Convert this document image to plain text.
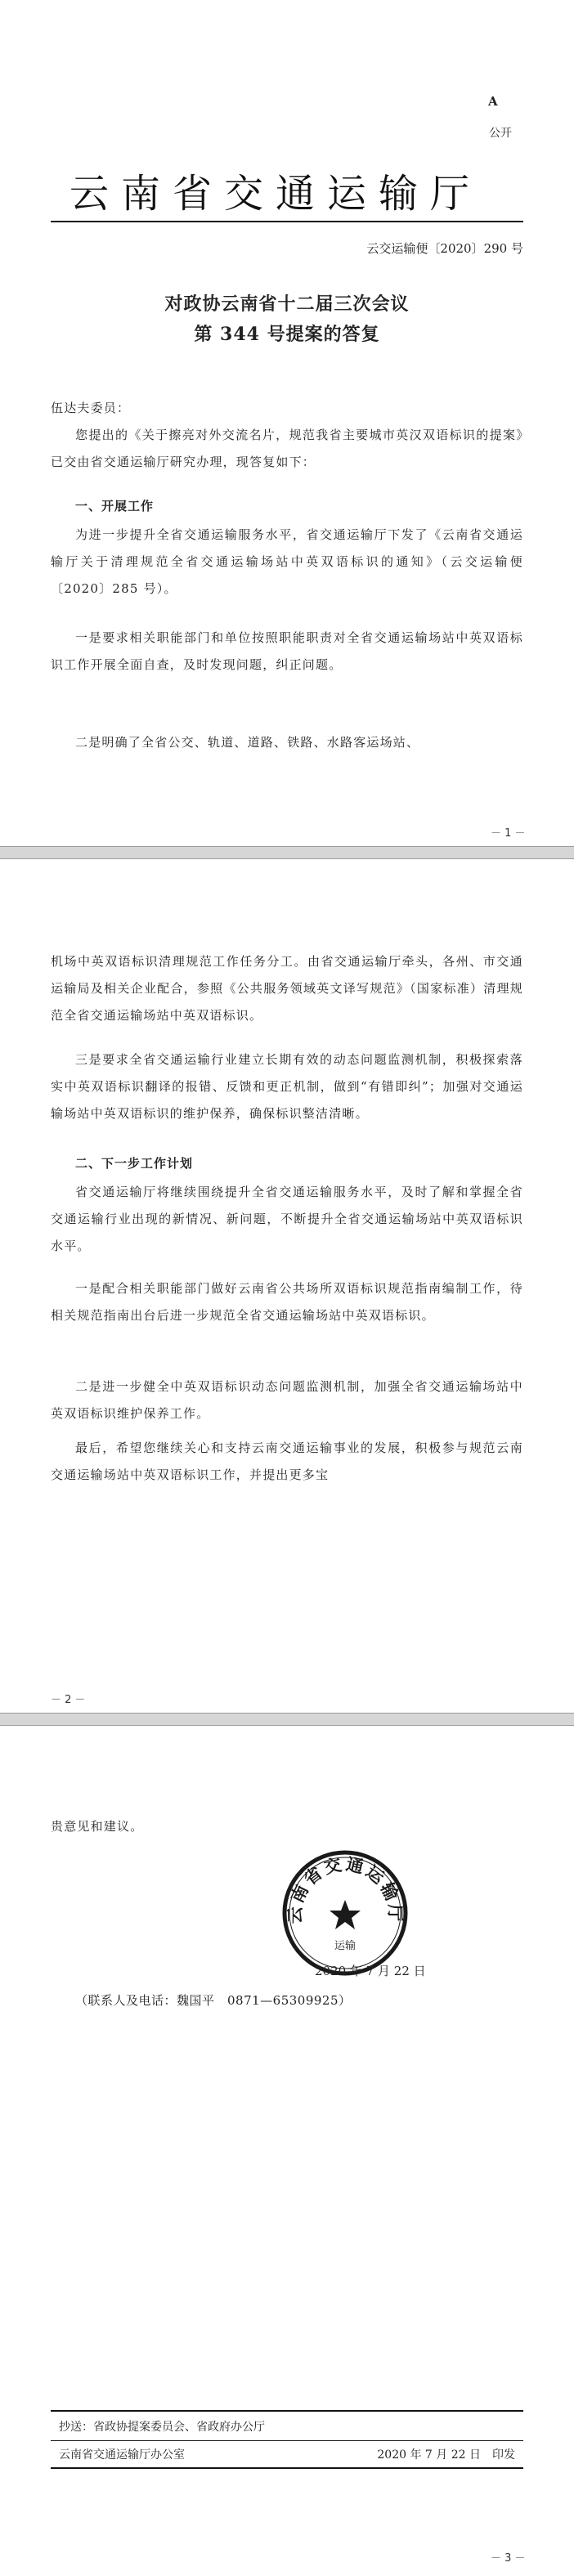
A
公开
云南省交通运输厅
云交运输便〔2020〕290 号
对政协云南省十二届三次会议
第 344 号提案的答复
伍达夫委员：
您提出的《关于擦亮对外交流名片，规范我省主要城市英汉双语标识的提案》已交由省交通运输厅研究办理，现答复如下：
一、开展工作
为进一步提升全省交通运输服务水平，省交通运输厅下发了《云南省交通运输厅关于清理规范全省交通运输场站中英双语标识的通知》（云交运输便〔2020〕285 号）。
一是要求相关职能部门和单位按照职能职责对全省交通运输场站中英双语标识工作开展全面自查，及时发现问题，纠正问题。
二是明确了全省公交、轨道、道路、铁路、水路客运场站、
－ 1 －
机场中英双语标识清理规范工作任务分工。由省交通运输厅牵头，各州、市交通运输局及相关企业配合，参照《公共服务领域英文译写规范》（国家标准）清理规范全省交通运输场站中英双语标识。
三是要求全省交通运输行业建立长期有效的动态问题监测机制，积极探索落实中英双语标识翻译的报错、反馈和更正机制，做到“有错即纠”；加强对交通运输场站中英双语标识的维护保养，确保标识整洁清晰。
二、下一步工作计划
省交通运输厅将继续围绕提升全省交通运输服务水平，及时了解和掌握全省交通运输行业出现的新情况、新问题，不断提升全省交通运输场站中英双语标识水平。
一是配合相关职能部门做好云南省公共场所双语标识规范指南编制工作，待相关规范指南出台后进一步规范全省交通运输场站中英双语标识。
二是进一步健全中英双语标识动态问题监测机制，加强全省交通运输场站中英双语标识维护保养工作。
最后，希望您继续关心和支持云南交通运输事业的发展，积极参与规范云南交通运输场站中英双语标识工作，并提出更多宝
－ 2 －
贵意见和建议。
云南省交通运输厅
运输
2020 年 7 月 22 日
（联系人及电话：魏国平　0871—65309925）
抄送：省政协提案委员会、省政府办公厅
云南省交通运输厅办公室	2020 年 7 月 22 日　印发
－ 3 －
